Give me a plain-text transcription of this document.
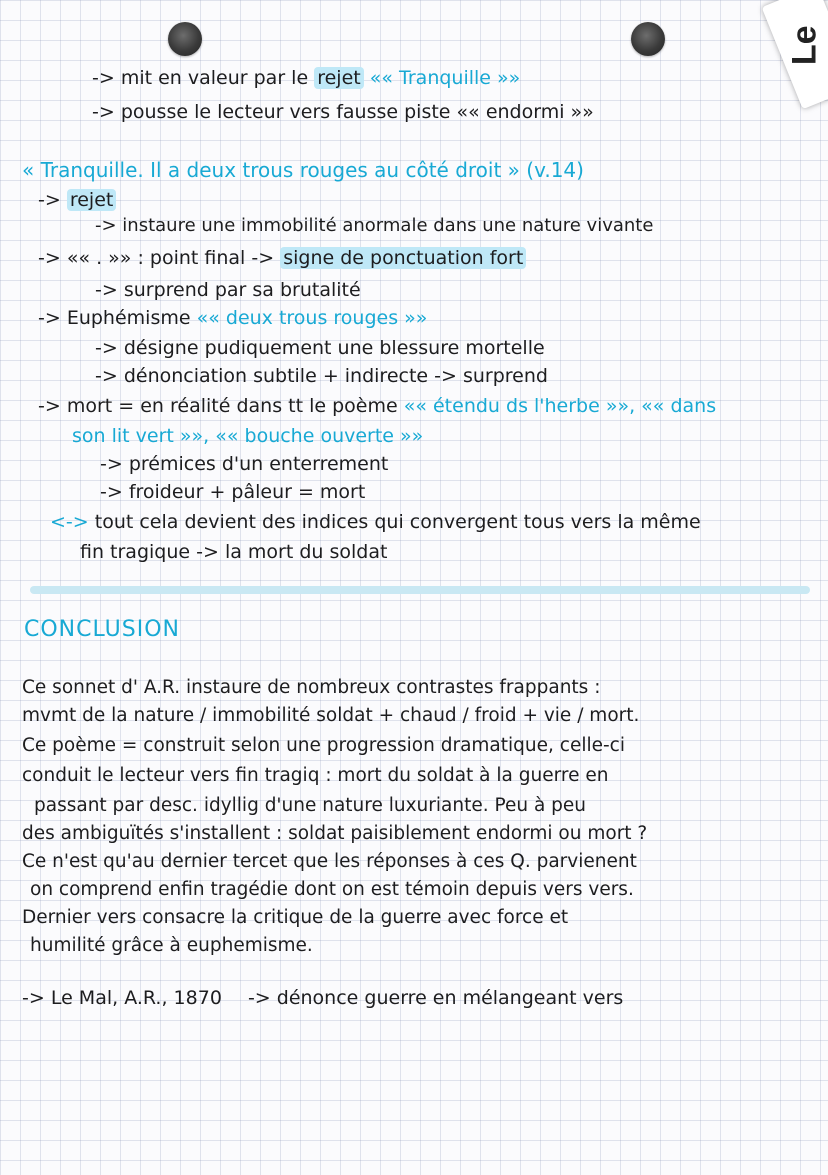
Le
-> mit en valeur par le rejet «« Tranquille »»
-> pousse le lecteur vers fausse piste «« endormi »»
« Tranquille. Il a deux trous rouges au côté droit » (v.14)
-> rejet
-> instaure une immobilité anormale dans une nature vivante
-> «« . »» : point final -> signe de ponctuation fort
-> surprend par sa brutalité
-> Euphémisme «« deux trous rouges »»
-> désigne pudiquement une blessure mortelle
-> dénonciation subtile + indirecte -> surprend
-> mort = en réalité dans tt le poème «« étendu ds l'herbe »», «« dans
son lit vert »», «« bouche ouverte »»
-> prémices d'un enterrement
-> froideur + pâleur = mort
<-> tout cela devient des indices qui convergent tous vers la même
fin tragique -> la mort du soldat
CONCLUSION
Ce sonnet d' A.R. instaure de nombreux contrastes frappants :
mvmt de la nature / immobilité soldat + chaud / froid + vie / mort.
Ce poème = construit selon une progression dramatique, celle-ci
conduit le lecteur vers fin tragiq : mort du soldat à la guerre en
passant par desc. idyllig d'une nature luxuriante. Peu à peu
des ambiguïtés s'installent : soldat paisiblement endormi ou mort ?
Ce n'est qu'au dernier tercet que les réponses à ces Q. parvienent
on comprend enfin tragédie dont on est témoin depuis vers vers.
Dernier vers consacre la critique de la guerre avec force et
humilité grâce à euphemisme.
-> Le Mal, A.R., 1870 -> dénonce guerre en mélangeant vers
